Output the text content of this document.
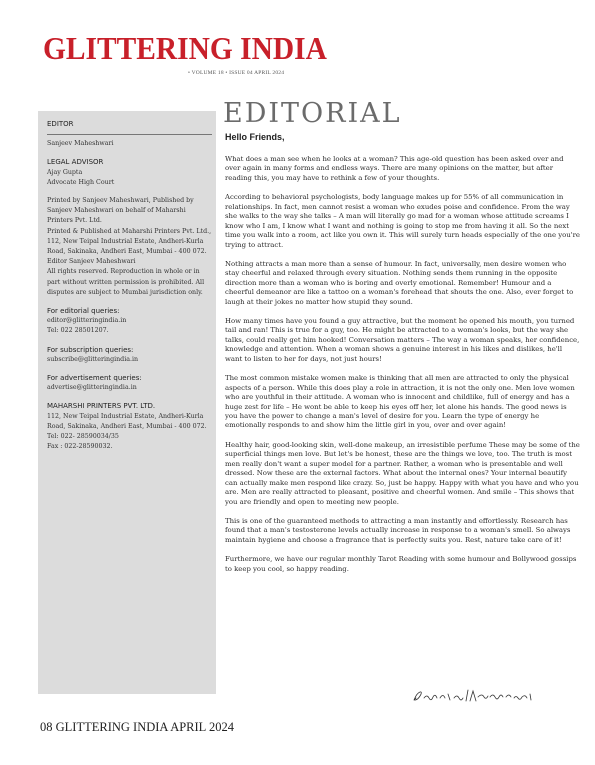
GLITTERING INDIA
• VOLUME 18 • ISSUE 04 APRIL 2024
EDITOR
Sanjeev Maheshwari
LEGAL ADVISOR
Ajay Gupta
Advocate High Court
Printed by Sanjeev Maheshwari, Published by Sanjeev Maheshwari on behalf of Maharshi Printers Pvt. Ltd.
Printed & Published at Maharshi Printers Pvt. Ltd., 112, New Teipal Industrial Estate, Andheri-Kurla Road, Sakinaka, Andheri East, Mumbai - 400 072.
Editor Sanjeev Maheshwari
All rights reserved. Reproduction in whole or in part without written permission is prohibited. All disputes are subject to Mumbai jurisdiction only.
For editorial queries:
editor@glitteringindia.in
Tel: 022 28501207.
For subscription queries:
subscribe@glitteringindia.in
For advertisement queries:
advertise@glitteringindia.in
MAHARSHI PRINTERS PVT. LTD.
112, New Teipal Industrial Estate, Andheri-Kurla Road, Sakinaka, Andheri East, Mumbai - 400 072. Tel: 022- 28590034/35
Fax : 022-28590032.
EDITORIAL
Hello Friends,

What does a man see when he looks at a woman? This age-old question has been asked over and over again in many forms and endless ways. There are many opinions on the matter, but after reading this, you may have to rethink a few of your thoughts.

According to behavioral psychologists, body language makes up for 55% of all communication in relationships. In fact, men cannot resist a woman who exudes poise and confidence. From the way she walks to the way she talks – A man will literally go mad for a woman whose attitude screams I know who I am, I know what I want and nothing is going to stop me from having it all. So the next time you walk into a room, act like you own it. This will surely turn heads especially of the one you're trying to attract.

Nothing attracts a man more than a sense of humour. In fact, universally, men desire women who stay cheerful and relaxed through every situation. Nothing sends them running in the opposite direction more than a woman who is boring and overly emotional. Remember! Humour and a cheerful demeanor are like a tattoo on a woman's forehead that shouts the one. Also, ever forget to laugh at their jokes no matter how stupid they sound.

How many times have you found a guy attractive, but the moment he opened his mouth, you turned tail and ran! This is true for a guy, too. He might be attracted to a woman's looks, but the way she talks, could really get him hooked! Conversation matters – The way a woman speaks, her confidence, knowledge and attention. When a woman shows a genuine interest in his likes and dislikes, he'll want to listen to her for days, not just hours!

The most common mistake women make is thinking that all men are attracted to only the physical aspects of a person. While this does play a role in attraction, it is not the only one. Men love women who are youthful in their attitude. A woman who is innocent and childlike, full of energy and has a huge zest for life – He wont be able to keep his eyes off her, let alone his hands. The good news is you have the power to change a man's level of desire for you. Learn the type of energy he emotionally responds to and show him the little girl in you, over and over again!

Healthy hair, good-looking skin, well-done makeup, an irresistible perfume These may be some of the superficial things men love. But let's be honest, these are the things we love, too. The truth is most men really don't want a super model for a partner. Rather, a woman who is presentable and well dressed. Now these are the external factors. What about the internal ones? Your internal beautify can actually make men respond like crazy. So, just be happy. Happy with what you have and who you are. Men are really attracted to pleasant, positive and cheerful women. And smile – This shows that you are friendly and open to meeting new people.

This is one of the guaranteed methods to attracting a man instantly and effortlessly. Research has found that a man's testosterone levels actually increase in response to a woman's smell. So always maintain hygiene and choose a fragrance that is perfectly suits you. Rest, nature take care of it!

Furthermore, we have our regular monthly Tarot Reading with some humour and Bollywood gossips to keep you cool, so happy reading.

08 GLITTERING INDIA APRIL 2024
